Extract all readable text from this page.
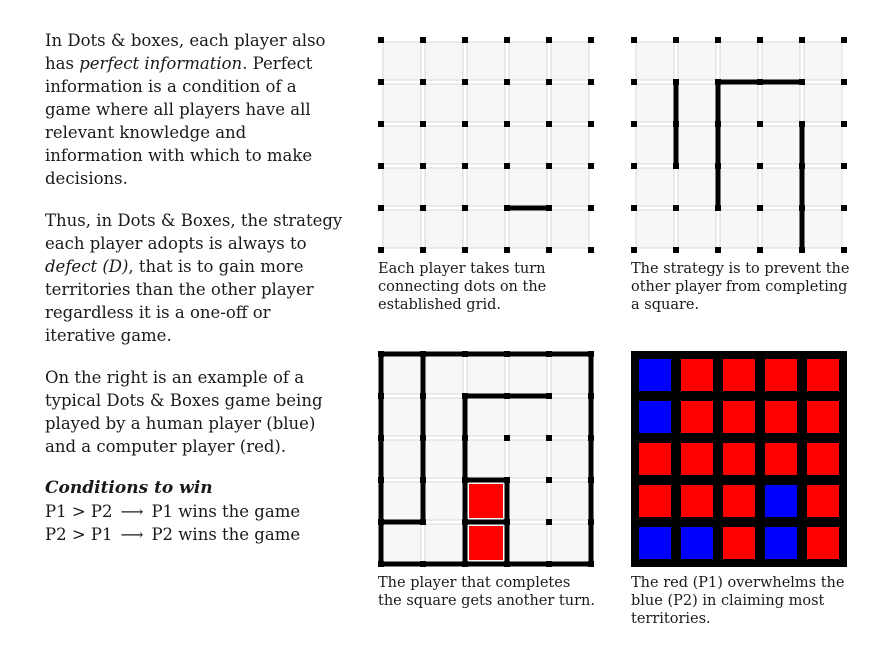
In Dots & boxes, each player also has perfect information. Perfect information is a condition of a game where all players have all relevant knowledge and information with which to make decisions.

Thus, in Dots & Boxes, the strategy each player adopts is always to defect (D), that is to gain more territories than the other player regardless it is a one-off or iterative game.

On the right is an example of a typical Dots & Boxes game being played by a human player (blue) and a computer player (red).

Conditions to win
P1 > P2 ⟶ P1 wins the game
P2 > P1 ⟶ P2 wins the game
Each player takes turn connecting dots on the established grid.
The strategy is to prevent the other player from completing a square.
The player that completes the square gets another turn.
The red (P1) overwhelms the blue (P2) in claiming most territories.
